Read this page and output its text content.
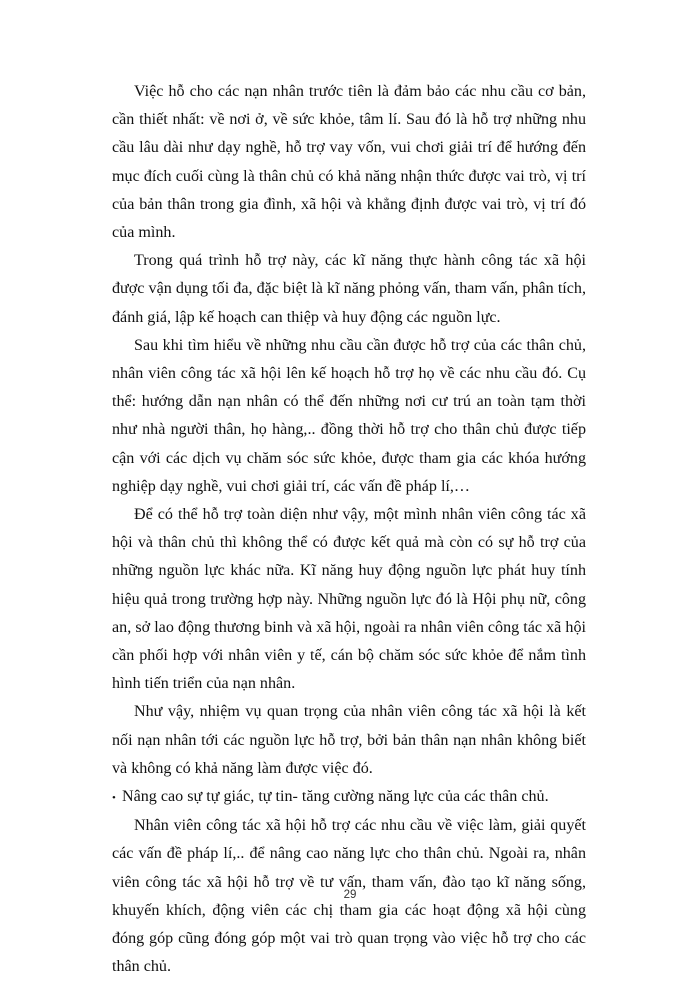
Việc hỗ cho các nạn nhân trước tiên là đảm bảo các nhu cầu cơ bản, cần thiết nhất: về nơi ở, về sức khỏe, tâm lí. Sau đó là hỗ trợ những nhu cầu lâu dài như dạy nghề, hỗ trợ vay vốn, vui chơi giải trí để hướng đến mục đích cuối cùng là thân chủ có khả năng nhận thức được vai trò, vị trí của bản thân trong gia đình, xã hội và khẳng định được vai trò, vị trí đó của mình.

Trong quá trình hỗ trợ này, các kĩ năng thực hành công tác xã hội được vận dụng tối đa, đặc biệt là kĩ năng phỏng vấn, tham vấn, phân tích, đánh giá, lập kế hoạch can thiệp và huy động các nguồn lực.

Sau khi tìm hiểu về những nhu cầu cần được hỗ trợ của các thân chủ, nhân viên công tác xã hội lên kế hoạch hỗ trợ họ về các nhu cầu đó. Cụ thể: hướng dẫn nạn nhân có thể đến những nơi cư trú an toàn tạm thời như nhà người thân, họ hàng,.. đồng thời hỗ trợ cho thân chủ được tiếp cận với các dịch vụ chăm sóc sức khỏe, được tham gia các khóa hướng nghiệp dạy nghề, vui chơi giải trí, các vấn đề pháp lí,…

Để có thể hỗ trợ toàn diện như vậy, một mình nhân viên công tác xã hội và thân chủ thì không thể có được kết quả mà còn có sự hỗ trợ của những nguồn lực khác nữa. Kĩ năng huy động nguồn lực phát huy tính hiệu quả trong trường hợp này. Những nguồn lực đó là Hội phụ nữ, công an, sở lao động thương binh và xã hội, ngoài ra nhân viên công tác xã hội cần phối hợp với nhân viên y tế, cán bộ chăm sóc sức khỏe để nắm tình hình tiến triển của nạn nhân.

Như vậy, nhiệm vụ quan trọng của nhân viên công tác xã hội là kết nối nạn nhân tới các nguồn lực hỗ trợ, bởi bản thân nạn nhân không biết và không có khả năng làm được việc đó.

• Nâng cao sự tự giác, tự tin- tăng cường năng lực của các thân chủ.

Nhân viên công tác xã hội hỗ trợ các nhu cầu về việc làm, giải quyết các vấn đề pháp lí,.. để nâng cao năng lực cho thân chủ. Ngoài ra, nhân viên công tác xã hội hỗ trợ về tư vấn, tham vấn, đào tạo kĩ năng sống, khuyến khích, động viên các chị tham gia các hoạt động xã hội cùng đóng góp cũng đóng góp một vai trò quan trọng vào việc hỗ trợ cho các thân chủ.

29
